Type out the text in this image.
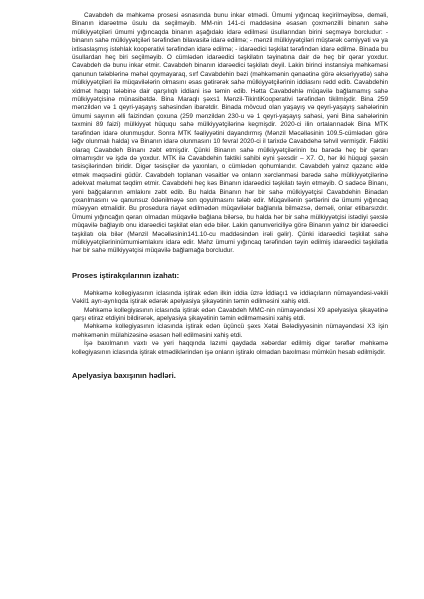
Cavabdeh də məhkəmə prosesi əsnasında bunu inkar etmədi. Ümumi yığıncaq keçirilməyibsə, deməli, Binanın idarəetmə üsulu da seçilməyib. MM-nin 141-ci maddəsinə əsasən çoxmənzilli binanın sahə mülkiyyətçiləri ümumi yığıncaqda binanın aşağıdakı idarə edilməsi üsullarından birini seçməyə borcludur: - binanın sahə mülkiyyətçiləri tərəfindən bilavasitə idarə edilmə; - mənzil mülkiyyətçiləri müştərək cəmiyyəti və ya ixtisaslaşmış istehlak kooperativi tərəfindən idarə edilmə; - idarəedici təşkilat tərəfindən idarə edilmə. Binada bu üsullardan heç biri seçilməyib. O cümlədən idarəedici təşkilatın təyinatına dair də heç bir qərar yoxdur. Cavabdeh də bunu inkar etmir. Cavabdeh binanın idarəedici təşkilatı deyil. Lakin birinci instansiya məhkəməsi qanunun tələblərinə məhəl qoymayaraq, sırf Cavabdehin bəzi (məhkəmənin qənaətinə görə əksəriyyətlə) sahə mülkiyyətçiləri ilə müqavilələrin olmasını əsas gətirərək sahə mülkiyyətçilərinin iddiasını rədd edib. Cavabdehin xidmət haqqı tələbinə dair qarşılıqlı iddiani isə təmin edib. Hətta Cavabdehlə müqavilə bağlamamış sahə mülkiyyətçisinə münasibətdə. Bina Maraqlı şəxs1 Mənzil-TikintiKooperativi tərəfindən tikilmişdir. Bina 259 mənzildən və 1 qeyri-yaşayış sahəsindən ibarətdir. Binada mövcud olan yaşayış və qeyri-yaşayış sahələrinin ümumi sayının əlli faizindən çoxuna (259 mənzildən 230-u və 1 qeyri-yaşayış sahəsi, yəni Bina sahələrinin təxmini 89 faizi) mülkiyyət hüququ sahə mülkiyyətçilərinə keçmişdir. 2020-ci ilin ortalarınadək Bina MTK tərəfindən idarə olunmuşdur. Sonra MTK fəaliyyətini dayandırmış (Mənzil Məcəlləsinin 109.5-cümlədən görə ləğv olunmalı halda) və Binanın idarə olunmasını 10 fevral 2020-ci il tarixdə Cavabdehə təhvil vermişdir. Faktiki olaraq Cavabdeh Binanı zəbt etmişdir. Çünki Binanın sahə mülkiyyətçilərinin bu barədə heç bir qərarı olmamışdır və işdə də yoxdur. MTK ilə Cavabdehin faktiki sahibi eyni şəxsdir – X7. O, hər iki hüquqi şəxsin təsisçilərindən biridir. Digər təsisçilər də yaxınları, o cümlədən qohumlarıdır. Cavabdeh yalnız qazanc əldə etmək məqsədini güdür. Cavabdeh toplanan vəsaitlər və onların xərclənməsi barədə sahə mülkiyyətçilərinə adekvat məlumat təqdim etmir. Cavabdehi heç kəs Binanın idarəedici təşkilatı təyin etməyib. O sadəcə Binanı, yeni bağçalarının əmlakını zəbt edib. Bu halda Binanın hər bir sahə mülkiyyətçisi Cavabdehin Binadan çıxarılmasını və qanunsuz ödənilməyə son qoyulmasını tələb edir. Müqavilənin şərtlərini də ümumi yığıncaq müəyyən etmalidir. Bu prosedura riayət edilmədən müqavilələr bağlanıla bilməzsə, deməli, onlar etibarsızdır. Ümumi yığıncağın qərarı olmadan müqavilə bağlana bilərsə, bu halda hər bir sahə mülkiyyətçisi istədiyi şəxslə müqavilə bağlayıb onu idarəedici təşkilat elan edə bilər. Lakin qanunvericiliyə görə Binanın yalnız bir idarəedici təşkilatı ola bilər (Mənzil Məcəlləsinin141.10-cu maddəsindən irəli gəlir). Çünki idarəedici təşkilat sahə mülkiyyətçilərininümumiəmlakını idarə edir. Məhz ümumi yığıncaq tərəfindən təyin edilmiş idarəedici təşkilatla hər bir sahə mülkiyyətçisi müqavilə bağlamağa borcludur.

Proses iştirakçılarının izahatı:

Məhkəmə kollegiyasının iclasında iştirak edən ilkin iddia üzrə İddiaçı1 və iddiaçıların nümayəndəsi-vəkili Vəkil1 ayrı-ayrılıqda iştirak edərək apelyasiya şikayətinin təmin edilməsini xahiş etdi.

Məhkəmə kollegiyasının iclasında iştirak edən Cavabdeh MMC-nin nümayəndəsi X9 apelyasiya şikayətinə qarşı etiraz etdiyini bildirərək, apelyasiya şikayətinin təmin edilməməsini xahiş etdi.

Məhkəmə kollegiyasının iclasında iştirak edən üçüncü şəxs Xətai Bələdiyyəsinin nümayəndəsi X3 işin məhkəmənin mülahizəsinə əsasən həll edilməsini xahiş etdi.

İşə baxılmanın vaxtı və yeri haqqında lazımi qaydada xəbərdar edilmiş digər tərəflər məhkəmə kollegiyasının iclasında iştirak etmədiklərindən işə onların iştirakı olmadan baxılması mümkün hesab edilmişdir.

Apelyasiya baxışının hədləri.
